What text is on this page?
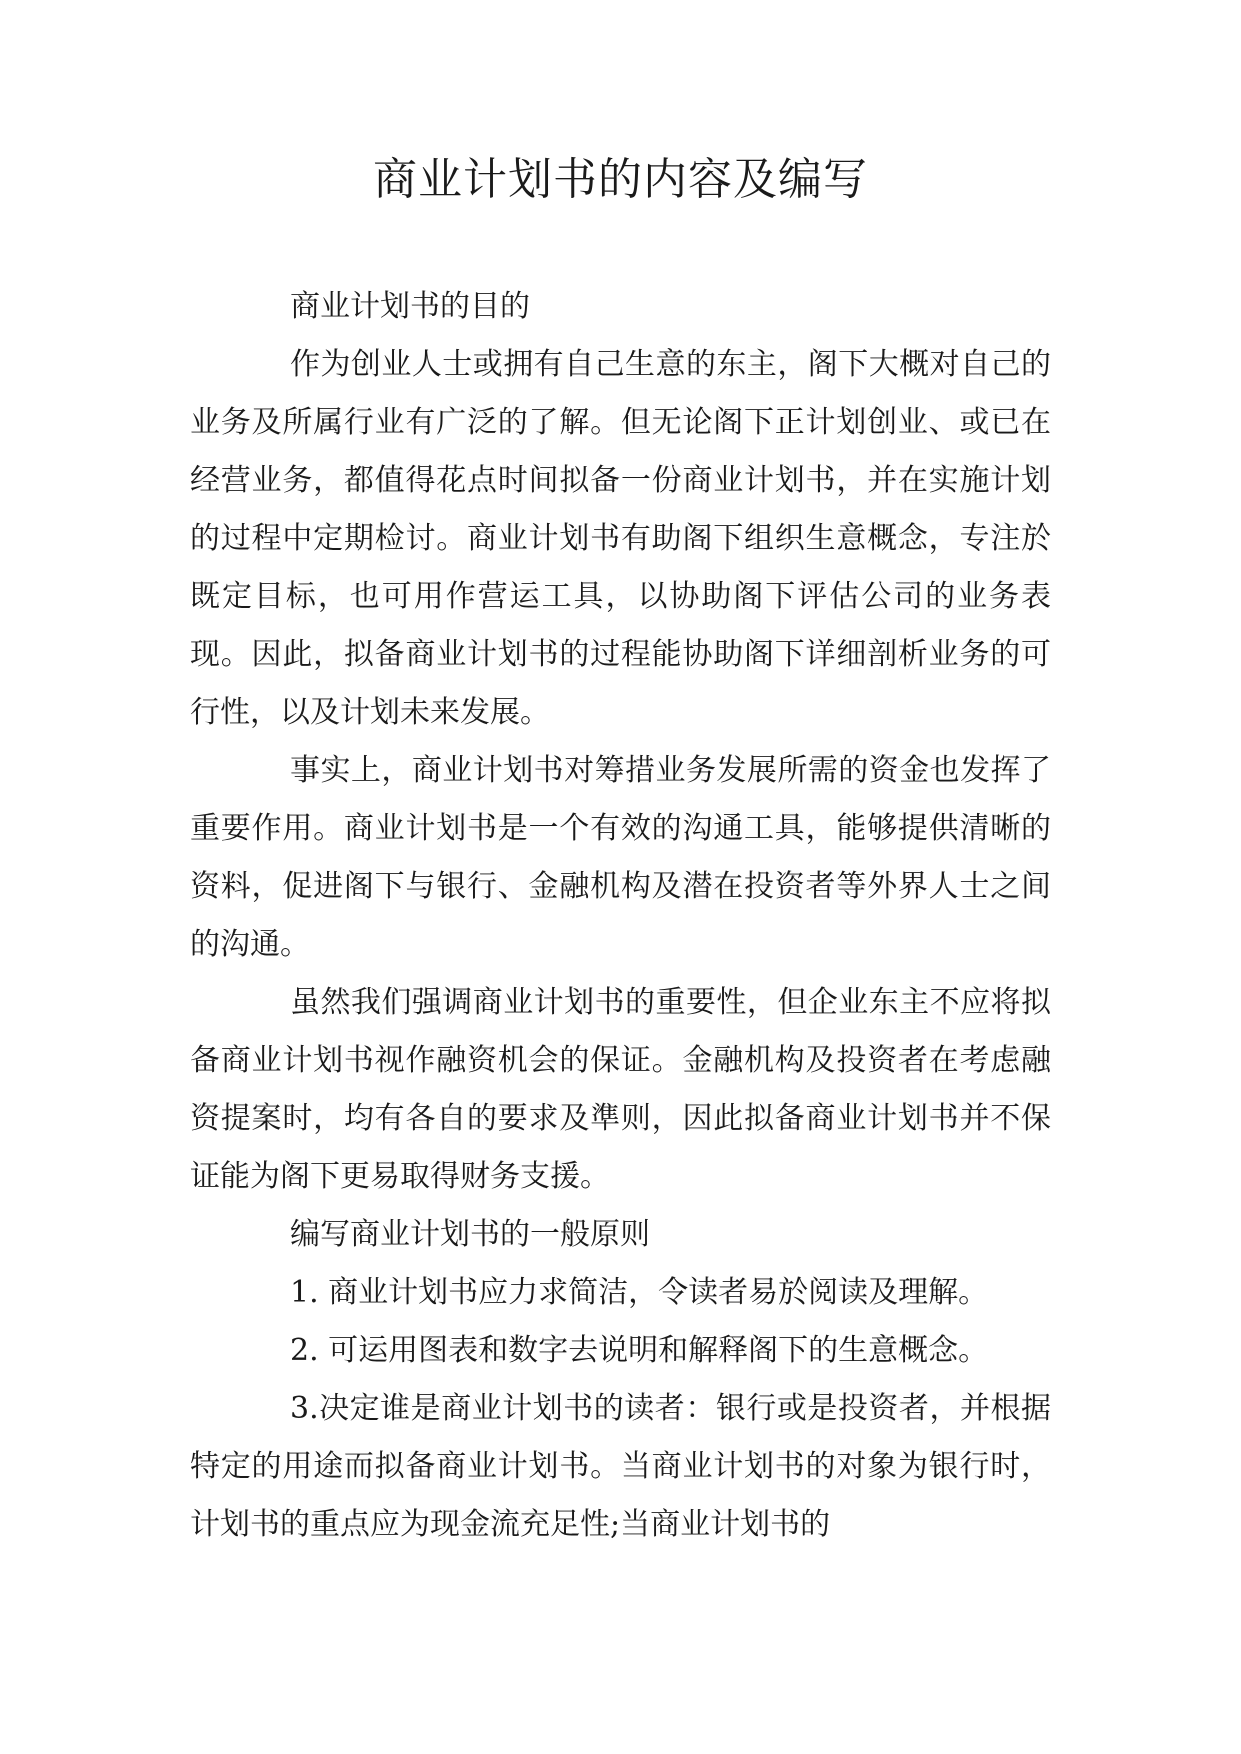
商业计划书的内容及编写

商业计划书的目的

作为创业人士或拥有自己生意的东主，阁下大概对自己的业务及所属行业有广泛的了解。但无论阁下正计划创业、或已在经营业务，都值得花点时间拟备一份商业计划书，并在实施计划的过程中定期检讨。商业计划书有助阁下组织生意概念，专注於既定目标，也可用作营运工具，以协助阁下评估公司的业务表现。因此，拟备商业计划书的过程能协助阁下详细剖析业务的可行性，以及计划未来发展。

事实上，商业计划书对筹措业务发展所需的资金也发挥了重要作用。商业计划书是一个有效的沟通工具，能够提供清晰的资料，促进阁下与银行、金融机构及潜在投资者等外界人士之间的沟通。

虽然我们强调商业计划书的重要性，但企业东主不应将拟备商业计划书视作融资机会的保证。金融机构及投资者在考虑融资提案时，均有各自的要求及準则，因此拟备商业计划书并不保证能为阁下更易取得财务支援。

编写商业计划书的一般原则

1. 商业计划书应力求简洁，令读者易於阅读及理解。

2. 可运用图表和数字去说明和解释阁下的生意概念。

3.决定谁是商业计划书的读者：银行或是投资者，并根据特定的用途而拟备商业计划书。当商业计划书的对象为银行时，计划书的重点应为现金流充足性;当商业计划书的
